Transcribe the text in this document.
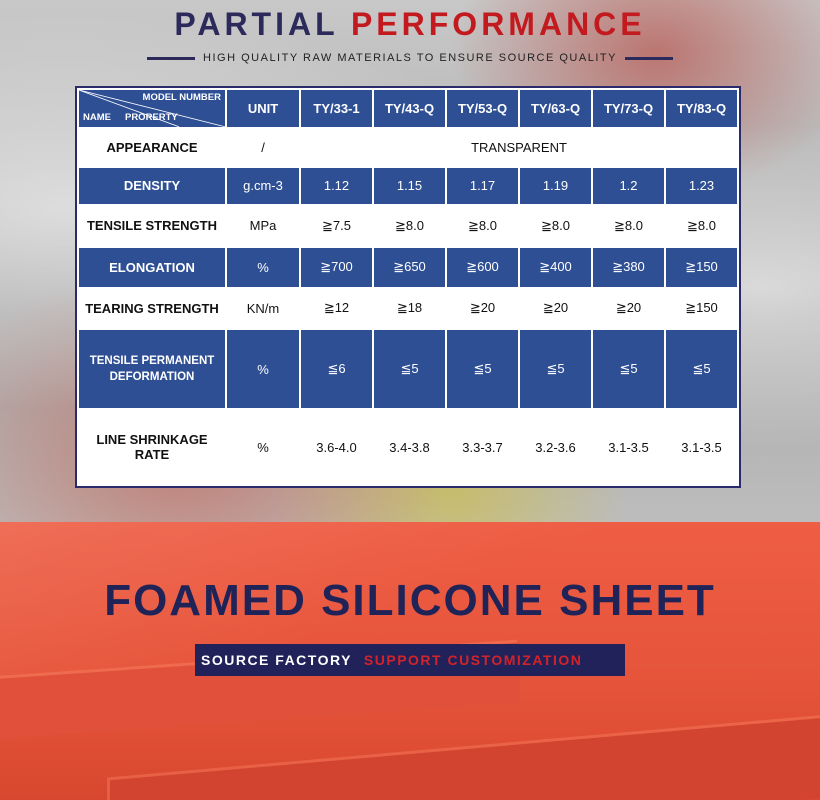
PARTIAL PERFORMANCE
HIGH QUALITY RAW MATERIALS TO ENSURE SOURCE QUALITY
MODEL NUMBER
NAME PRORERTY	UNIT	TY/33-1	TY/43-Q	TY/53-Q	TY/63-Q	TY/73-Q	TY/83-Q
APPEARANCE	/	TRANSPARENT					
DENSITY	g.cm-3	1.12	1.15	1.17	1.19	1.2	1.23
TENSILE STRENGTH	MPa	≧7.5	≧8.0	≧8.0	≧8.0	≧8.0	≧8.0
ELONGATION	%	≧700	≧650	≧600	≧400	≧380	≧150
TEARING STRENGTH	KN/m	≧12	≧18	≧20	≧20	≧20	≧150
TENSILE PERMANENT
DEFORMATION	%	≦6	≦5	≦5	≦5	≦5	≦5
LINE SHRINKAGE
RATE	%	3.6-4.0	3.4-3.8	3.3-3.7	3.2-3.6	3.1-3.5	3.1-3.5
FOAMED SILICONE SHEET
SOURCE FACTORY SUPPORT CUSTOMIZATION
